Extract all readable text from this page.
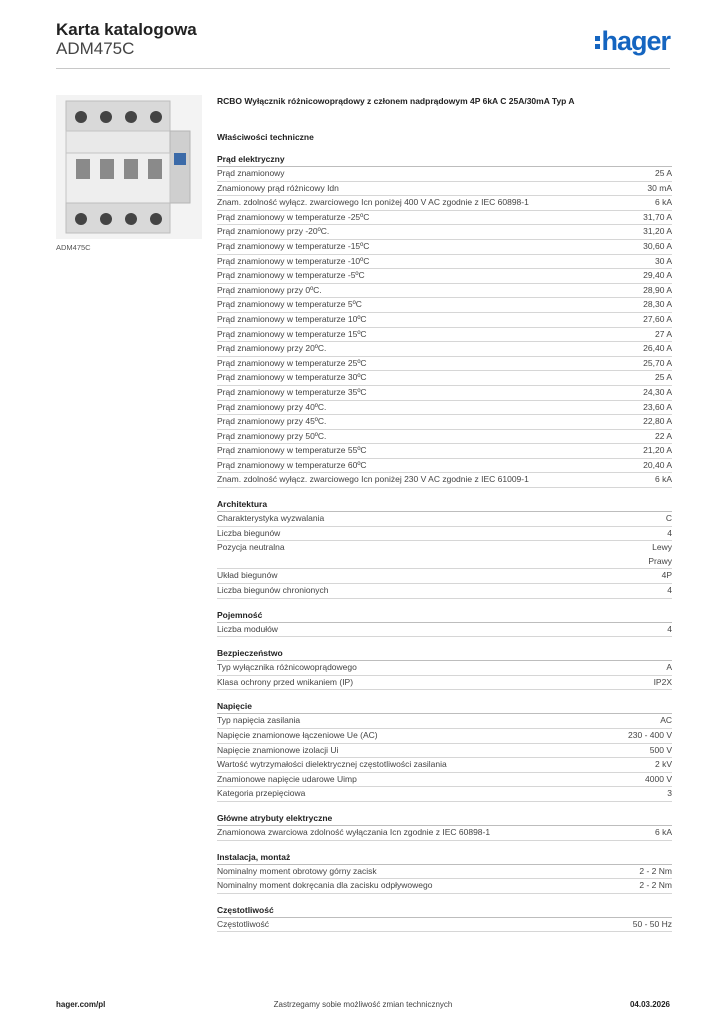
Karta katalogowa
ADM475C	hager
ADM475C
RCBO Wyłącznik różnicowoprądowy z członem nadprądowym 4P 6kA C 25A/30mA Typ A
Właściwości techniczne
Prąd elektryczny
Prąd znamionowy	25 A
Znamionowy prąd różnicowy Idn	30 mA
Znam. zdolność wyłącz. zwarciowego Icn poniżej 400 V AC zgodnie z IEC 60898-1	6 kA
Prąd znamionowy w temperaturze -25ºC	31,70 A
Prąd znamionowy przy -20ºC.	31,20 A
Prąd znamionowy w temperaturze -15ºC	30,60 A
Prąd znamionowy w temperaturze -10ºC	30 A
Prąd znamionowy w temperaturze -5ºC	29,40 A
Prąd znamionowy przy 0ºC.	28,90 A
Prąd znamionowy w temperaturze 5ºC	28,30 A
Prąd znamionowy w temperaturze 10ºC	27,60 A
Prąd znamionowy w temperaturze 15ºC	27 A
Prąd znamionowy przy 20ºC.	26,40 A
Prąd znamionowy w temperaturze 25ºC	25,70 A
Prąd znamionowy w temperaturze 30ºC	25 A
Prąd znamionowy w temperaturze 35ºC	24,30 A
Prąd znamionowy przy 40ºC.	23,60 A
Prąd znamionowy przy 45ºC.	22,80 A
Prąd znamionowy przy 50ºC.	22 A
Prąd znamionowy w temperaturze 55ºC	21,20 A
Prąd znamionowy w temperaturze 60ºC	20,40 A
Znam. zdolność wyłącz. zwarciowego Icn poniżej 230 V AC zgodnie z IEC 61009-1	6 kA
Architektura
Charakterystyka wyzwalania	C
Liczba biegunów	4
Pozycja neutralna	Lewy
Prawy
Układ biegunów	4P
Liczba biegunów chronionych	4
Pojemność
Liczba modułów	4
Bezpieczeństwo
Typ wyłącznika różnicowoprądowego	A
Klasa ochrony przed wnikaniem (IP)	IP2X
Napięcie
Typ napięcia zasilania	AC
Napięcie znamionowe łączeniowe Ue (AC)	230 - 400 V
Napięcie znamionowe izolacji Ui	500 V
Wartość wytrzymałości dielektrycznej częstotliwości zasilania	2 kV
Znamionowe napięcie udarowe Uimp	4000 V
Kategoria przepięciowa	3
Główne atrybuty elektryczne
Znamionowa zwarciowa zdolność wyłączania Icn zgodnie z IEC 60898-1	6 kA
Instalacja, montaż
Nominalny moment obrotowy górny zacisk	2 - 2 Nm
Nominalny moment dokręcania dla zacisku odpływowego	2 - 2 Nm
Częstotliwość
Częstotliwość	50 - 50 Hz
hager.com/pl	Zastrzegamy sobie możliwość zmian technicznych	04.03.2026
